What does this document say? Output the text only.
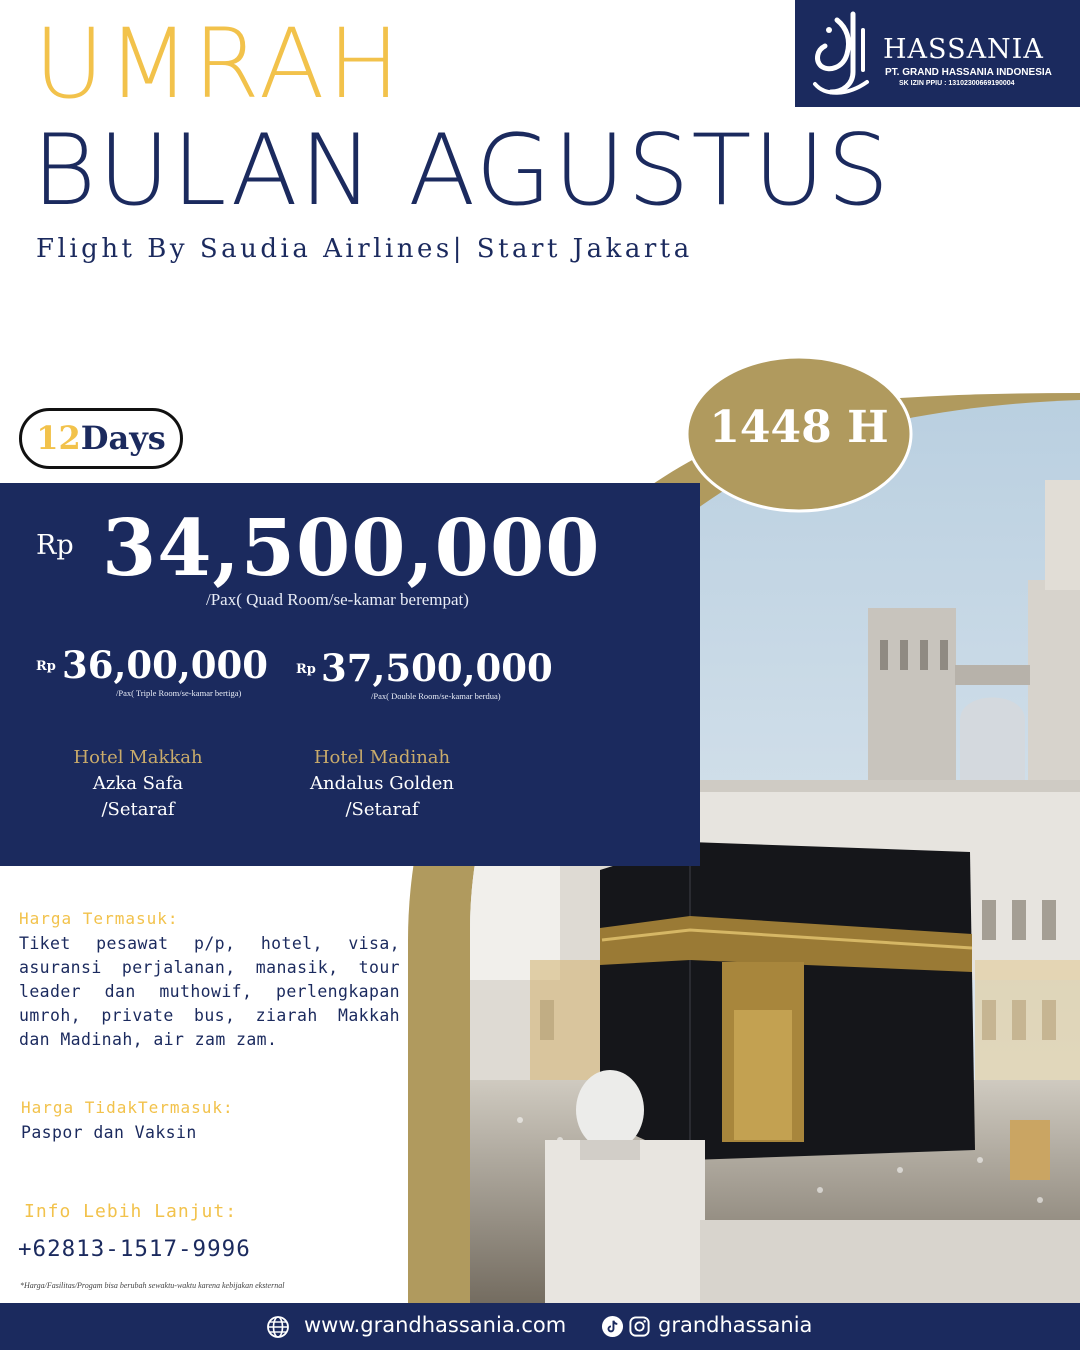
1448 H
HASSANIA
PT. GRAND HASSANIA INDONESIA
SK IZIN PPIU : 13102300669190004
UMRAH
BULAN AGUSTUS
Flight By Saudia Airlines| Start Jakarta
12Days
Rp 34,500,000
/Pax( Quad Room/se-kamar berempat)
Rp 36,00,000
/Pax( Triple Room/se-kamar bertiga)
Rp 37,500,000
/Pax( Double Room/se-kamar berdua)
Hotel Makkah
Azka Safa
/Setaraf
Hotel Madinah
Andalus Golden
/Setaraf
Harga Termasuk:
Tiket pesawat p/p, hotel, visa, asuransi perjalanan, manasik, tour leader dan muthowif, perlengkapan umroh, private bus, ziarah Makkah dan Madinah, air zam zam.
Harga TidakTermasuk:
Paspor dan Vaksin
Info Lebih Lanjut:
+62813-1517-9996
*Harga/Fasilitas/Progam bisa berubah sewaktu-waktu karena kebijakan eksternal
www.grandhassania.com	grandhassania
